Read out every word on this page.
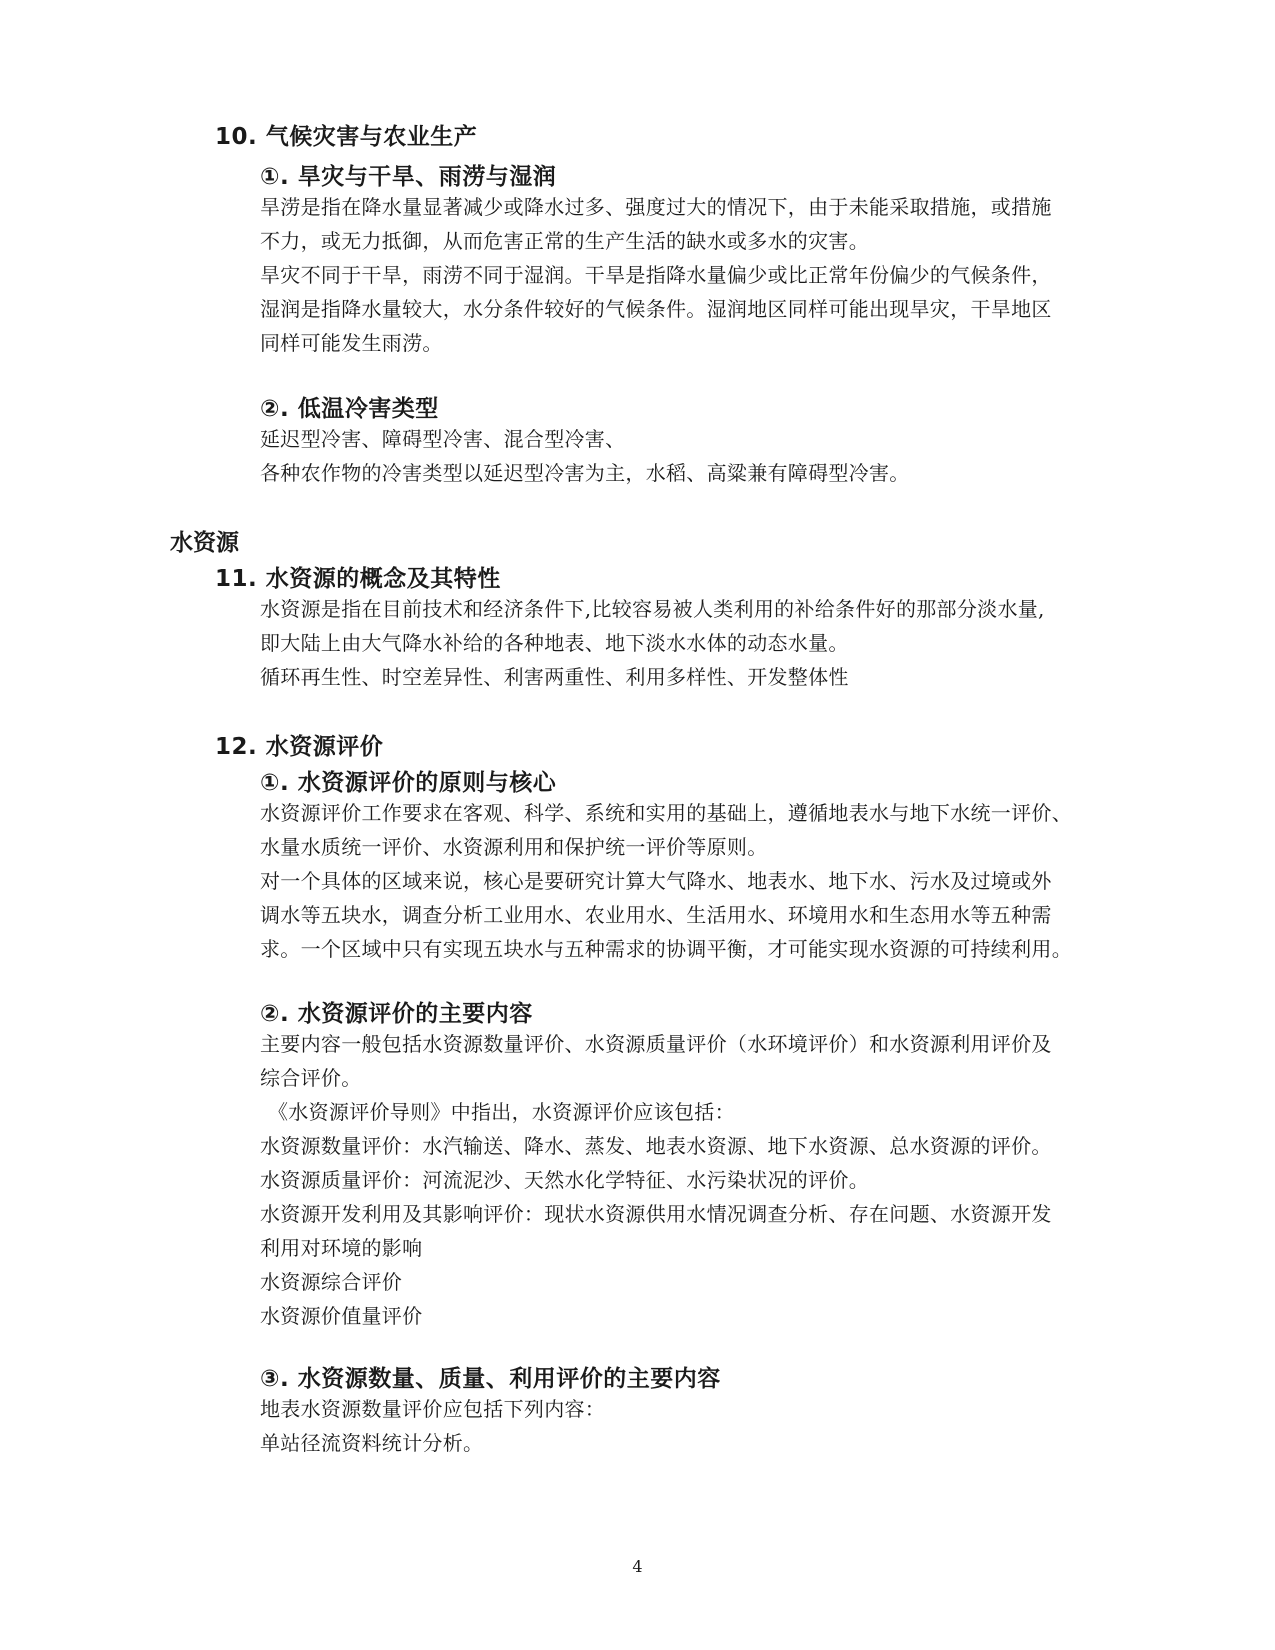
10. 气候灾害与农业生产
①. 旱灾与干旱、雨涝与湿润
旱涝是指在降水量显著减少或降水过多、强度过大的情况下，由于未能采取措施，或措施
不力，或无力抵御，从而危害正常的生产生活的缺水或多水的灾害。
旱灾不同于干旱，雨涝不同于湿润。干旱是指降水量偏少或比正常年份偏少的气候条件，
湿润是指降水量较大，水分条件较好的气候条件。湿润地区同样可能出现旱灾，干旱地区
同样可能发生雨涝。
②. 低温冷害类型
延迟型冷害、障碍型冷害、混合型冷害、
各种农作物的冷害类型以延迟型冷害为主，水稻、高粱兼有障碍型冷害。
水资源
11. 水资源的概念及其特性
水资源是指在目前技术和经济条件下,比较容易被人类利用的补给条件好的那部分淡水量,
即大陆上由大气降水补给的各种地表、地下淡水水体的动态水量。
循环再生性、时空差异性、利害两重性、利用多样性、开发整体性
12. 水资源评价
①. 水资源评价的原则与核心
水资源评价工作要求在客观、科学、系统和实用的基础上，遵循地表水与地下水统一评价、
水量水质统一评价、水资源利用和保护统一评价等原则。
对一个具体的区域来说，核心是要研究计算大气降水、地表水、地下水、污水及过境或外
调水等五块水，调查分析工业用水、农业用水、生活用水、环境用水和生态用水等五种需
求。一个区域中只有实现五块水与五种需求的协调平衡，才可能实现水资源的可持续利用。
②. 水资源评价的主要内容
主要内容一般包括水资源数量评价、水资源质量评价（水环境评价）和水资源利用评价及
综合评价。
《水资源评价导则》中指出，水资源评价应该包括：
水资源数量评价：水汽输送、降水、蒸发、地表水资源、地下水资源、总水资源的评价。
水资源质量评价：河流泥沙、天然水化学特征、水污染状况的评价。
水资源开发利用及其影响评价：现状水资源供用水情况调查分析、存在问题、水资源开发
利用对环境的影响
水资源综合评价
水资源价值量评价
③. 水资源数量、质量、利用评价的主要内容
地表水资源数量评价应包括下列内容：
单站径流资料统计分析。
4
